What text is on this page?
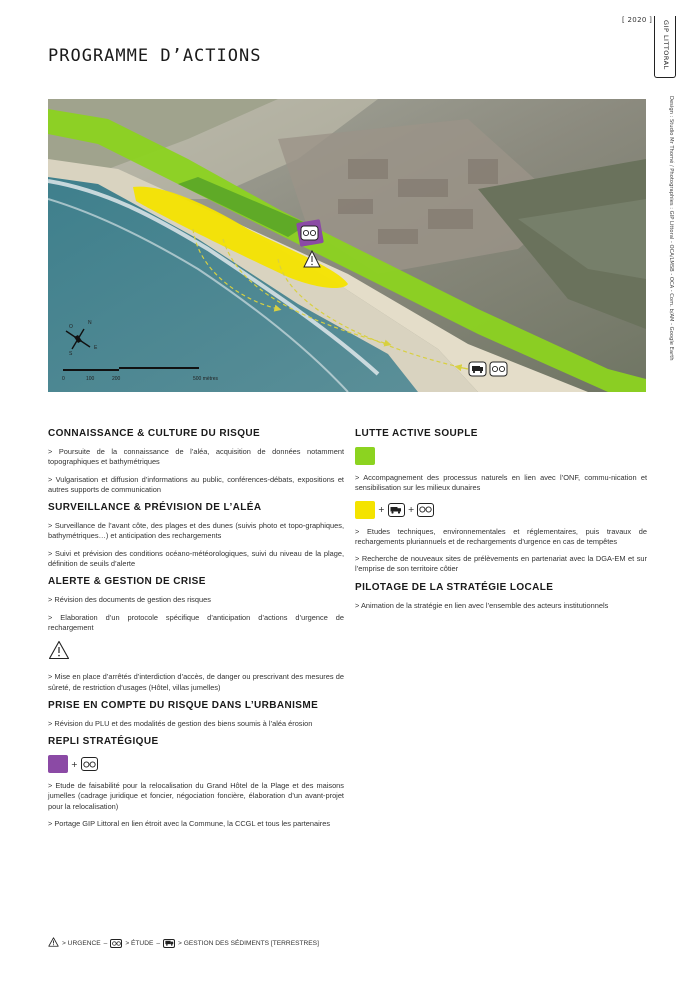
[ 2020 ] GIP LITTORAL
Design : Studio Mr Thomé / Photographies : GIP Littoral - OCA/LMSB - OCA - Com. b/AM - Google Earth
PROGRAMME D’ACTIONS
O
N
E
S
0	100	200	500 mètres
CONNAISSANCE & CULTURE DU RISQUE

> Poursuite de la connaissance de l’aléa, acquisition de données notamment topographiques et bathymétriques

> Vulgarisation et diffusion d’informations au public, conférences-débats, expositions et autres supports de communication

SURVEILLANCE & PRÉVISION DE L’ALÉA

> Surveillance de l’avant côte, des plages et des dunes (suivis photo et topo-graphiques, bathymétriques…) et anticipation des rechargements

> Suivi et prévision des conditions océano-météorologiques, suivi du niveau de la plage, définition de seuils d’alerte

ALERTE & GESTION DE CRISE

> Révision des documents de gestion des risques

> Elaboration d’un protocole spécifique d’anticipation d’actions d’urgence de rechargement

> Mise en place d’arrêtés d’interdiction d’accès, de danger ou prescrivant des mesures de sûreté, de restriction d’usages (Hôtel, villas jumelles)

PRISE EN COMPTE DU RISQUE DANS L’URBANISME

> Révision du PLU et des modalités de gestion des biens soumis à l’aléa érosion

REPLI STRATÉGIQUE
+

> Etude de faisabilité pour la relocalisation du Grand Hôtel de la Plage et des maisons jumelles (cadrage juridique et foncier, négociation foncière, élaboration d’un avant-projet pour la relocalisation)

> Portage GIP Littoral en lien étroit avec la Commune, la CCGL et tous les partenaires

LUTTE ACTIVE SOUPLE

> Accompagnement des processus naturels en lien avec l’ONF, commu-nication et sensibilisation sur les milieux dunaires

+	+

> Etudes techniques, environnementales et réglementaires, puis travaux de rechargements pluriannuels et de rechargements d’urgence en cas de tempêtes

> Recherche de nouveaux sites de prélèvements en partenariat avec la DGA-EM et sur l’emprise de son territoire côtier

PILOTAGE DE LA STRATÉGIE LOCALE

> Animation de la stratégie en lien avec l’ensemble des acteurs institutionnels

> URGENCE –	> ÉTUDE –	> GESTION DES SÉDIMENTS [TERRESTRES]
